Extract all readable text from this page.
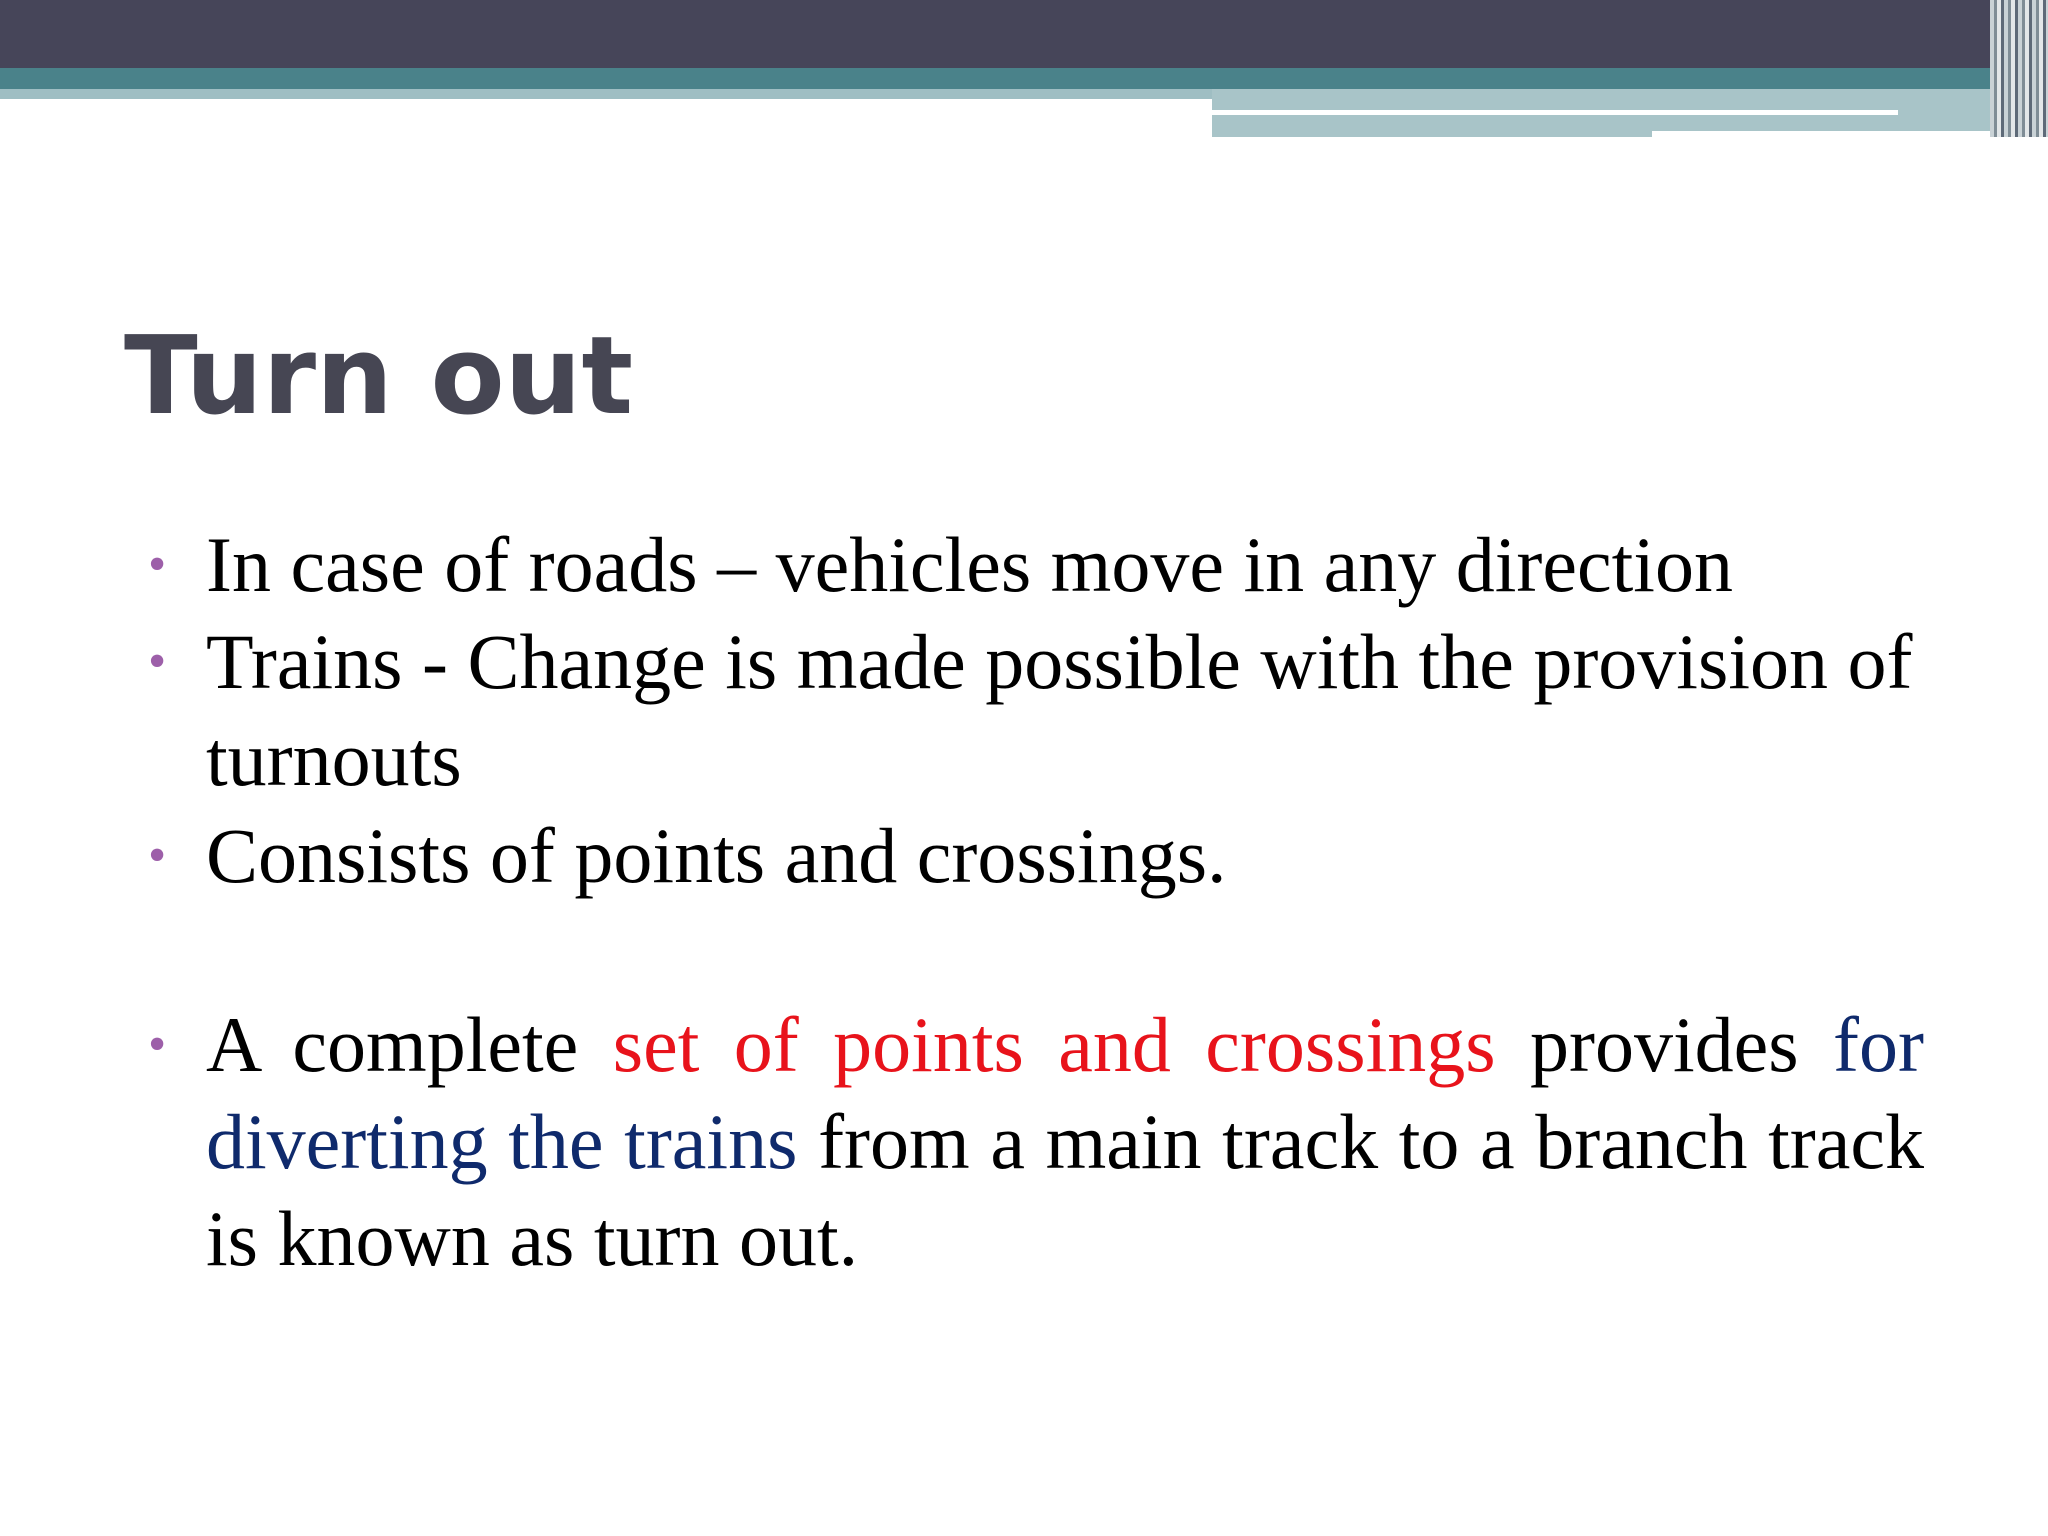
Turn out
• In case of roads – vehicles move in any direction
• Trains - Change is made possible with the provision of turnouts
• Consists of points and crossings.
• A complete set of points and crossings provides for diverting the trains from a main track to a branch track is known as turn out.
